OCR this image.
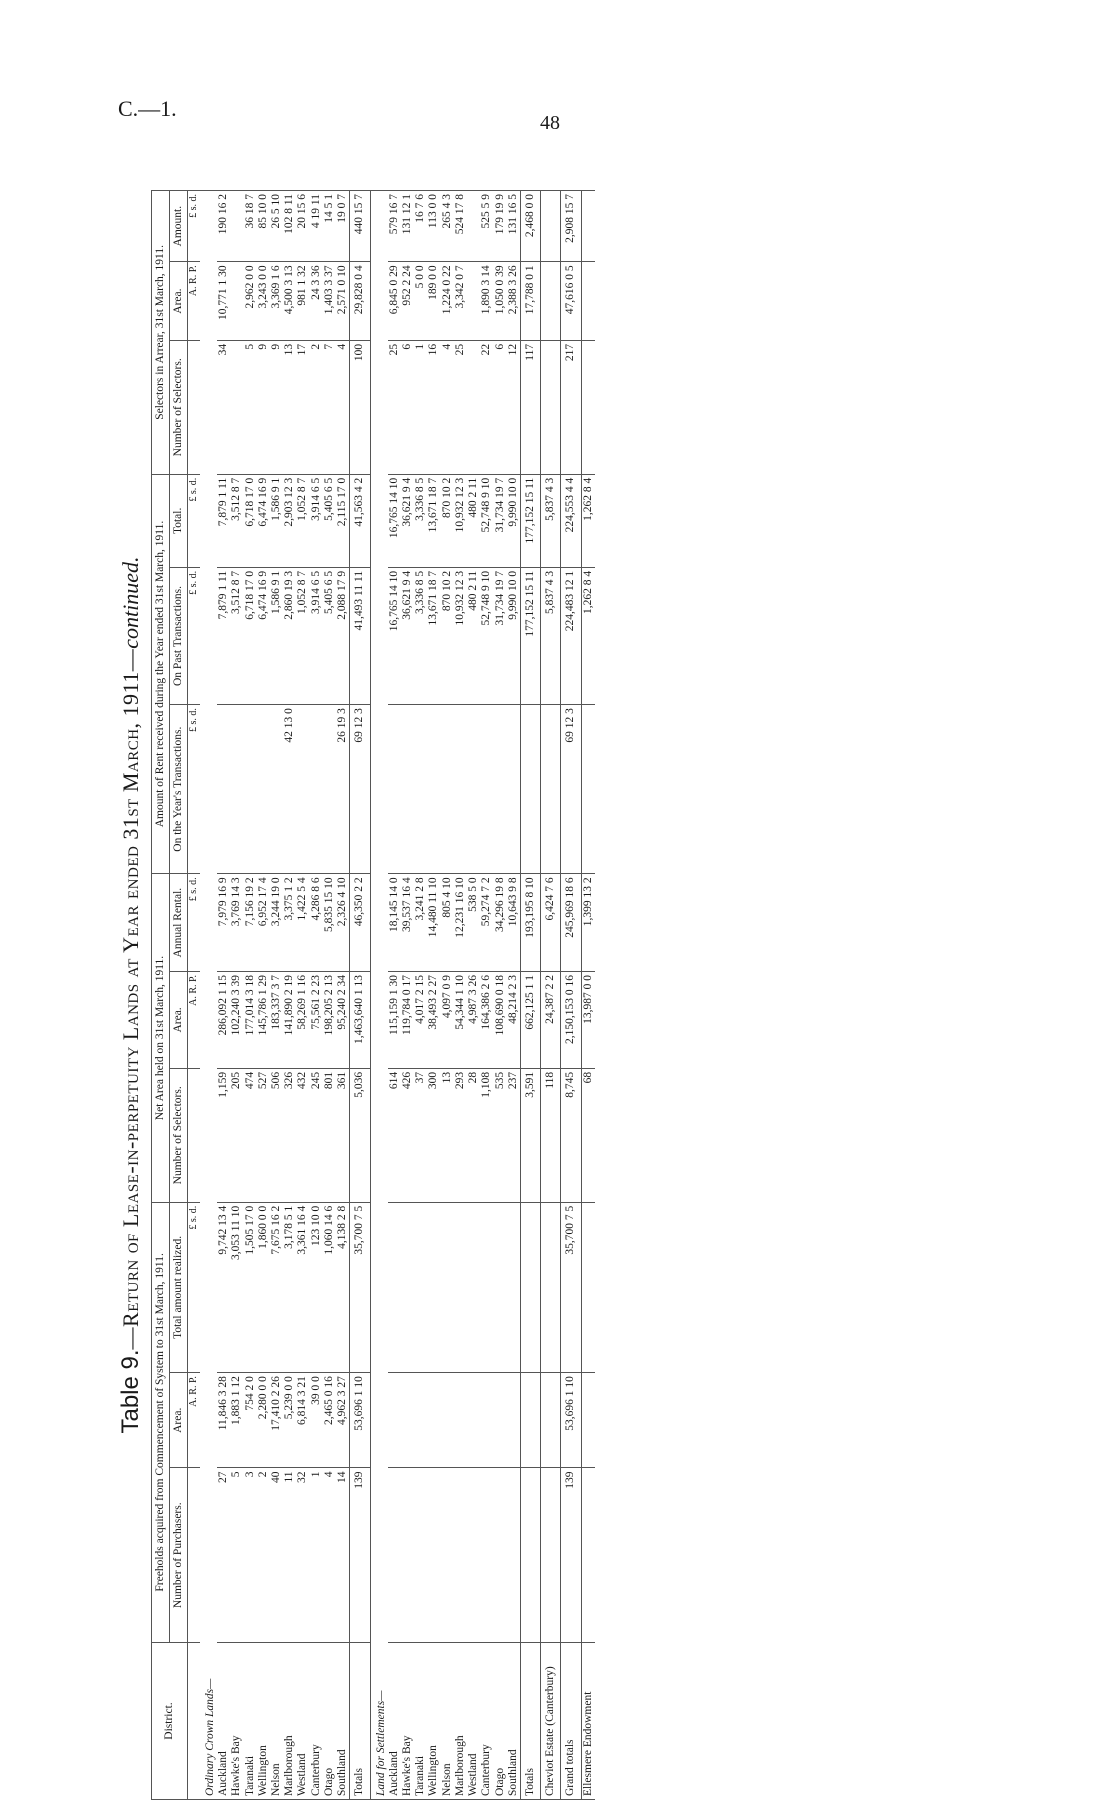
C.—1.
48
Table 9.—Return of Lease-in-perpetuity Lands at Year ended 31st March, 1911—continued.
District.	Freeholds acquired from Commencement of System to 31st March, 1911.			Net Area held on 31st March, 1911.			Amount of Rent received during the Year ended 31st March, 1911.			Selectors in Arrear, 31st March, 1911.		
	Number of Purchasers.	Area.	Total amount realized.	Number of Selectors.	Area.	Annual Rental.	On the Year's Transactions.	On Past Transactions.	Total.	Number of Selectors.	Area.	Amount.
		A. R. P.	£ s. d.		A. R. P.	£ s. d.	£ s. d.	£ s. d.	£ s. d.		A. R. P.	£ s. d.
Ordinary Crown Lands—												
Auckland	27	11,846 3 28	9,742 13 4	1,159	286,092 1 15	7,979 16 9		7,879 1 11	7,879 1 11	34	10,771 1 30	190 16 2
Hawke's Bay	5	1,883 1 12	3,053 11 10	205	102,240 3 39	3,769 14 3		3,512 8 7	3,512 8 7			
Taranaki	3	754 2 0	1,505 17 0	474	177,014 3 18	7,156 19 2		6,718 17 0	6,718 17 0	5	2,962 0 0	36 18 7
Wellington	2	2,280 0 0	1,860 0 0	527	145,786 1 29	6,952 17 4		6,474 16 9	6,474 16 9	9	3,243 0 0	85 10 0
Nelson	40	17,410 2 26	7,675 16 2	506	183,337 3 7	3,244 19 0		1,586 9 1	1,586 9 1	9	3,369 1 6	26 5 10
Marlborough	11	5,239 0 0	3,178 5 1	326	141,890 2 19	3,375 1 2	42 13 0	2,860 19 3	2,903 12 3	13	4,500 3 13	102 8 11
Westland	32	6,814 3 21	3,361 16 4	432	58,269 1 16	1,422 5 4		1,052 8 7	1,052 8 7	17	981 1 32	20 15 6
Canterbury	1	39 0 0	123 10 0	245	75,561 2 23	4,286 8 6		3,914 6 5	3,914 6 5	2	24 3 36	4 19 11
Otago	4	2,465 0 16	1,060 14 6	801	198,205 2 13	5,835 15 10		5,405 6 5	5,405 6 5	7	1,403 3 37	14 5 1
Southland	14	4,962 3 27	4,138 2 8	361	95,240 2 34	2,326 4 10	26 19 3	2,088 17 9	2,115 17 0	4	2,571 0 10	19 0 7
Totals	139	53,696 1 10	35,700 7 5	5,036	1,463,640 1 13	46,350 2 2	69 12 3	41,493 11 11	41,563 4 2	100	29,828 0 4	440 15 7
Land for Settlements—												
Auckland				614	115,159 1 30	18,145 14 0		16,765 14 10	16,765 14 10	25	6,845 0 29	579 16 7
Hawke's Bay				426	119,784 0 17	39,537 16 4		36,621 9 4	36,621 9 4	6	952 2 24	131 12 1
Taranaki				37	4,017 2 15	3,241 2 8		3,336 8 5	3,336 8 5	1	5 0 0	16 7 6
Wellington				300	38,493 2 27	14,480 11 10		13,671 18 7	13,671 18 7	16	189 0 0	113 0 0
Nelson				13	4,097 0 9	805 4 10		870 10 2	870 10 2	4	1,224 0 22	265 4 3
Marlborough				293	54,344 1 10	12,231 16 10		10,932 12 3	10,932 12 3	25	3,342 0 7	524 17 8
Westland				28	4,987 3 26	538 5 0		480 2 11	480 2 11			
Canterbury				1,108	164,386 2 6	59,274 7 2		52,748 9 10	52,748 9 10	22	1,890 3 14	525 5 9
Otago				535	108,690 0 18	34,296 19 8		31,734 19 7	31,734 19 7	6	1,050 0 39	179 19 9
Southland				237	48,214 2 3	10,643 9 8		9,990 10 0	9,990 10 0	12	2,388 3 26	131 16 5
Totals				3,591	662,125 1 1	193,195 8 10		177,152 15 11	177,152 15 11	117	17,788 0 1	2,468 0 0
Cheviot Estate (Canterbury)				118	24,387 2 2	6,424 7 6		5,837 4 3	5,837 4 3			
Grand totals	139	53,696 1 10	35,700 7 5	8,745	2,150,153 0 16	245,969 18 6	69 12 3	224,483 12 1	224,553 4 4	217	47,616 0 5	2,908 15 7
Ellesmere Endowment				68	13,987 0 0	1,399 13 2		1,262 8 4	1,262 8 4			
